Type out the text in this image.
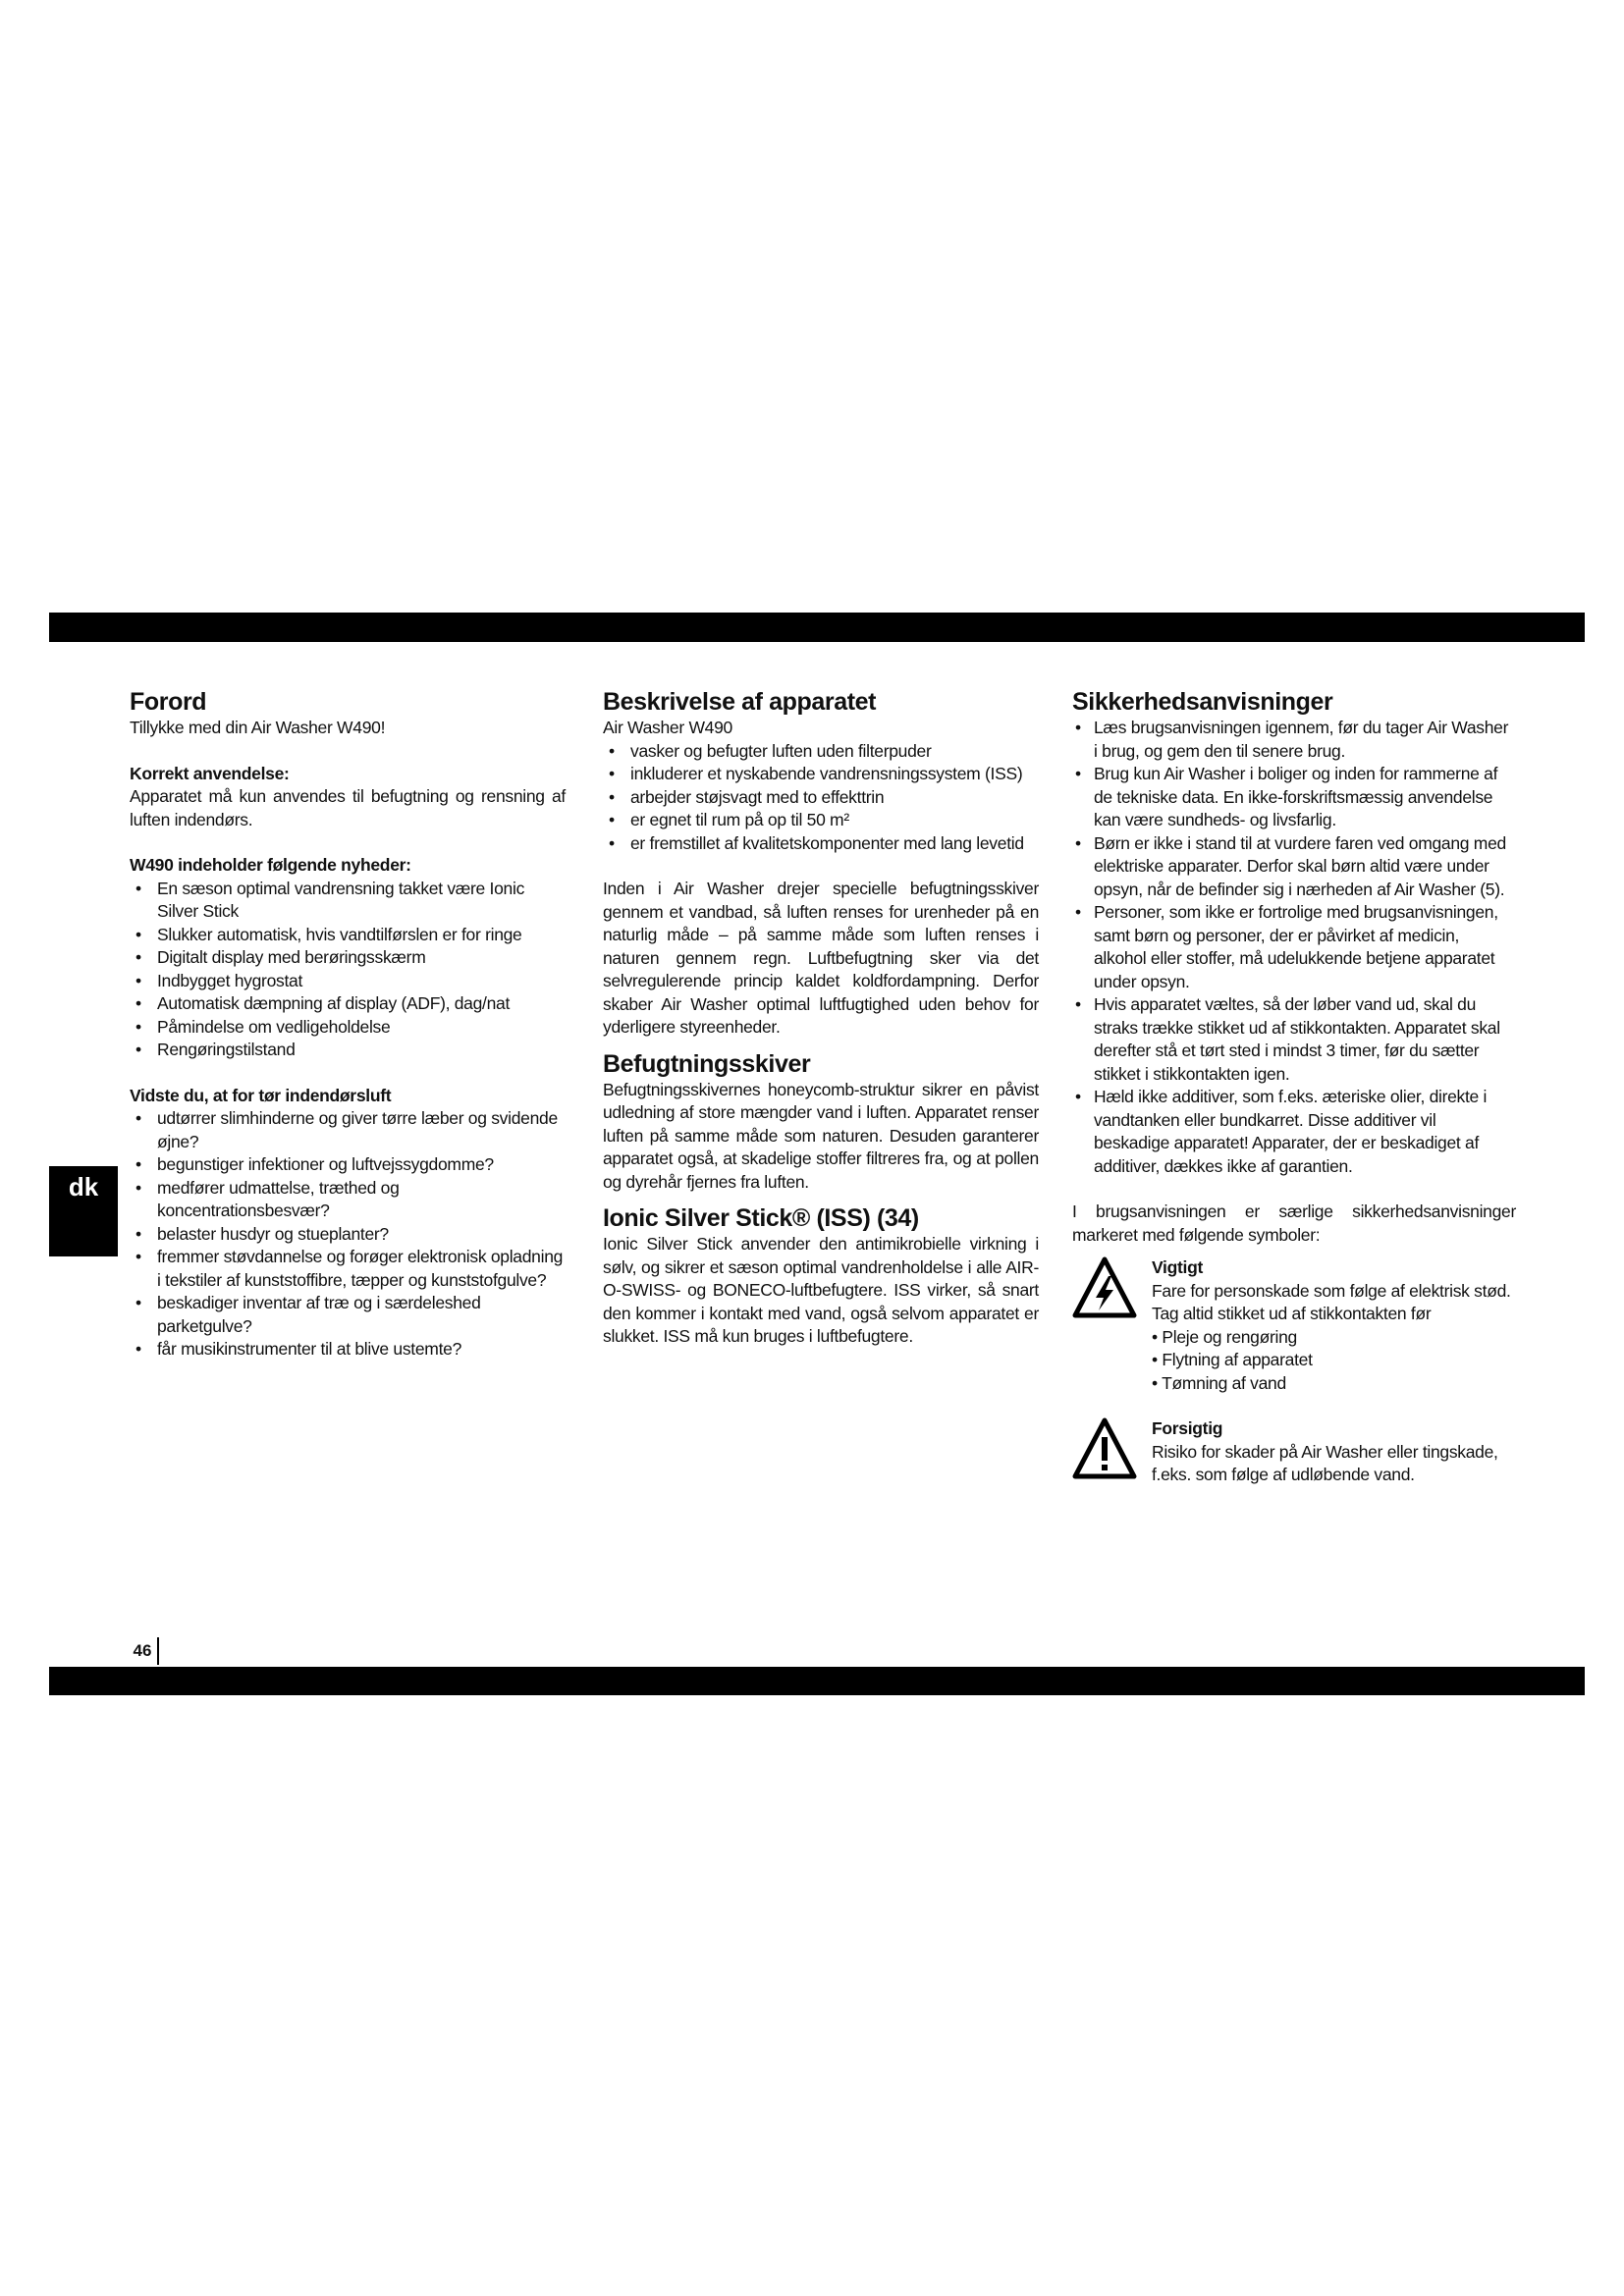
Forord

Tillykke med din Air Washer W490!

Korrekt anvendelse:

Apparatet må kun anvendes til befugtning og rensning af luften indendørs.

W490 indeholder følgende nyheder:
• En sæson optimal vandrensning takket være Ionic Silver Stick
• Slukker automatisk, hvis vandtilførslen er for ringe
• Digitalt display med berøringsskærm
• Indbygget hygrostat
• Automatisk dæmpning af display (ADF), dag/nat
• Påmindelse om vedligeholdelse
• Rengøringstilstand
Vidste du, at for tør indendørsluft
• udtørrer slimhinderne og giver tørre læber og svidende øjne?
• begunstiger infektioner og luftvejssygdomme?
• medfører udmattelse, træthed og koncentrationsbesvær?
• belaster husdyr og stueplanter?
• fremmer støvdannelse og forøger elektronisk opladning i tekstiler af kunststoffibre, tæpper og kunststofgulve?
• beskadiger inventar af træ og i særdeleshed parketgulve?
• får musikinstrumenter til at blive ustemte?
Beskrivelse af apparatet

Air Washer W490

• vasker og befugter luften uden filterpuder
• inkluderer et nyskabende vandrensningssystem (ISS)
• arbejder støjsvagt med to effekttrin
• er egnet til rum på op til 50 m²
• er fremstillet af kvalitetskomponenter med lang levetid

Inden i Air Washer drejer specielle befugtningsskiver gennem et vandbad, så luften renses for urenheder på en naturlig måde – på samme måde som luften renses i naturen gennem regn. Luftbefugtning sker via det selvregulerende princip kaldet koldfordampning. Derfor skaber Air Washer optimal luftfugtighed uden behov for yderligere styreenheder.

Befugtningsskiver

Befugtningsskivernes honeycomb-struktur sikrer en påvist udledning af store mængder vand i luften. Apparatet renser luften på samme måde som naturen. Desuden garanterer apparatet også, at skadelige stoffer filtreres fra, og at pollen og dyrehår fjernes fra luften.

Ionic Silver Stick® (ISS) (34)

Ionic Silver Stick anvender den antimikrobielle virkning i sølv, og sikrer et sæson optimal vandrenholdelse i alle AIR-O-SWISS- og BONECO-luftbefugtere. ISS virker, så snart den kommer i kontakt med vand, også selvom apparatet er slukket. ISS må kun bruges i luftbefugtere.

Sikkerhedsanvisninger
• Læs brugsanvisningen igennem, før du tager Air Washer i brug, og gem den til senere brug.
• Brug kun Air Washer i boliger og inden for rammerne af de tekniske data. En ikke-forskriftsmæssig anvendelse kan være sundheds- og livsfarlig.
• Børn er ikke i stand til at vurdere faren ved omgang med elektriske apparater. Derfor skal børn altid være under opsyn, når de befinder sig i nærheden af Air Washer (5).
• Personer, som ikke er fortrolige med brugsanvisningen, samt børn og personer, der er påvirket af medicin, alkohol eller stoffer, må udelukkende betjene apparatet under opsyn.
• Hvis apparatet væltes, så der løber vand ud, skal du straks trække stikket ud af stikkontakten. Apparatet skal derefter stå et tørt sted i mindst 3 timer, før du sætter stikket i stikkontakten igen.
• Hæld ikke additiver, som f.eks. æteriske olier, direkte i vandtanken eller bundkarret. Disse additiver vil beskadige apparatet! Apparater, der er beskadiget af additiver, dækkes ikke af garantien.

I brugsanvisningen er særlige sikkerhedsanvisninger markeret med følgende symboler:

Vigtigt

Fare for personskade som følge af elektrisk stød. Tag altid stikket ud af stikkontakten før

• Pleje og rengøring
• Flytning af apparatet
• Tømning af vand
Forsigtig

Risiko for skader på Air Washer eller tingskade, f.eks. som følge af udløbende vand.

dk
46
